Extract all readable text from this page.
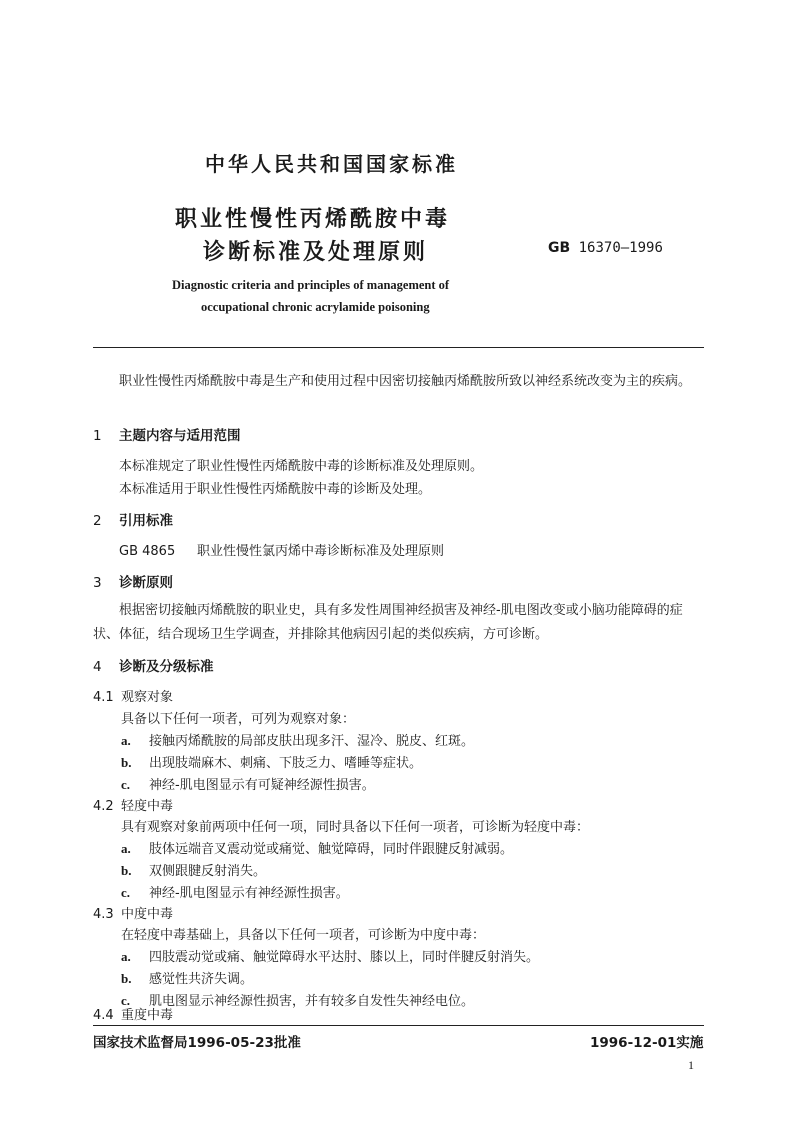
中华人民共和国国家标准
职业性慢性丙烯酰胺中毒
诊断标准及处理原则	GB 16370—1996
Diagnostic criteria and principles of management of
occupational chronic acrylamide poisoning
职业性慢性丙烯酰胺中毒是生产和使用过程中因密切接触丙烯酰胺所致以神经系统改变为主的疾病。
1 主题内容与适用范围
本标准规定了职业性慢性丙烯酰胺中毒的诊断标准及处理原则。
本标准适用于职业性慢性丙烯酰胺中毒的诊断及处理。
2 引用标准
GB 4865 职业性慢性氯丙烯中毒诊断标准及处理原则
3 诊断原则
根据密切接触丙烯酰胺的职业史，具有多发性周围神经损害及神经-肌电图改变或小脑功能障碍的症状、体征，结合现场卫生学调查，并排除其他病因引起的类似疾病，方可诊断。
4 诊断及分级标准
4.1 观察对象
具备以下任何一项者，可列为观察对象：
a. 接触丙烯酰胺的局部皮肤出现多汗、湿冷、脱皮、红斑。
b. 出现肢端麻木、刺痛、下肢乏力、嗜睡等症状。
c. 神经-肌电图显示有可疑神经源性损害。
4.2 轻度中毒
具有观察对象前两项中任何一项，同时具备以下任何一项者，可诊断为轻度中毒：
a. 肢体远端音叉震动觉或痛觉、触觉障碍，同时伴跟腱反射减弱。
b. 双侧跟腱反射消失。
c. 神经-肌电图显示有神经源性损害。
4.3 中度中毒
在轻度中毒基础上，具备以下任何一项者，可诊断为中度中毒：
a. 四肢震动觉或痛、触觉障碍水平达肘、膝以上，同时伴腱反射消失。
b. 感觉性共济失调。
c. 肌电图显示神经源性损害，并有较多自发性失神经电位。
4.4 重度中毒
国家技术监督局1996-05-23批准	1996-12-01实施
1
